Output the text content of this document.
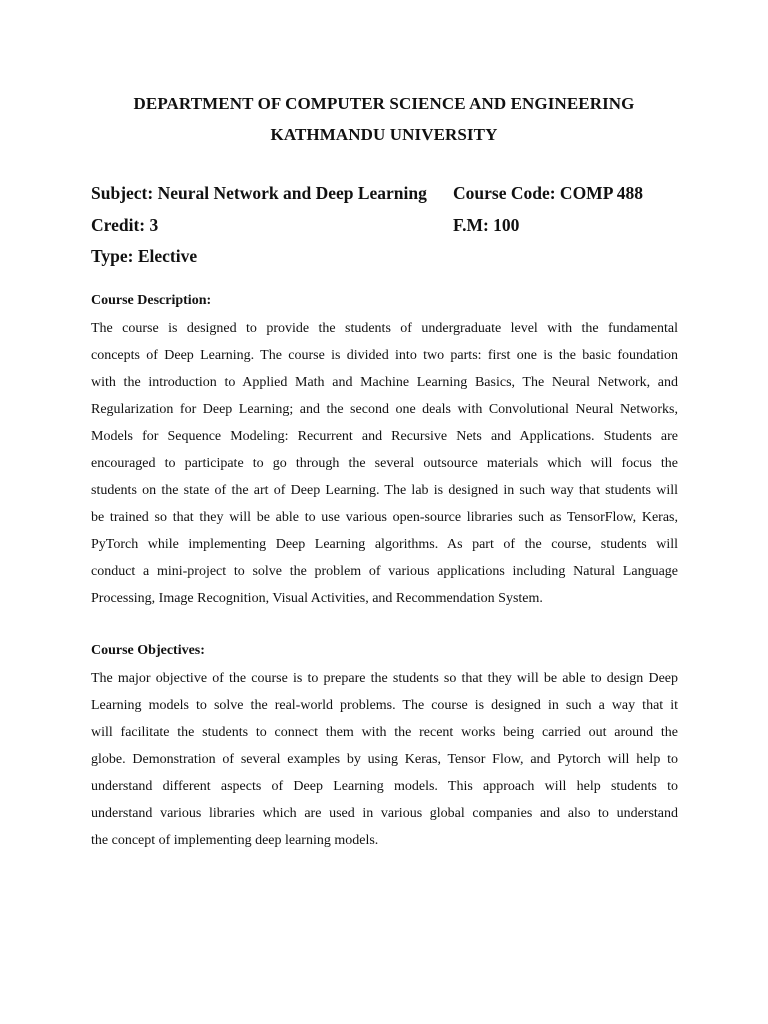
DEPARTMENT OF COMPUTER SCIENCE AND ENGINEERING
KATHMANDU UNIVERSITY
Subject: Neural Network and Deep Learning Course Code: COMP 488
Credit: 3	F.M: 100
Type: Elective
Course Description:
The course is designed to provide the students of undergraduate level with the fundamental
concepts of Deep Learning. The course is divided into two parts: first one is the basic foundation
with the introduction to Applied Math and Machine Learning Basics, The Neural Network, and
Regularization for Deep Learning; and the second one deals with Convolutional Neural Networks,
Models for Sequence Modeling: Recurrent and Recursive Nets and Applications. Students are
encouraged to participate to go through the several outsource materials which will focus the
students on the state of the art of Deep Learning. The lab is designed in such way that students will
be trained so that they will be able to use various open-source libraries such as TensorFlow, Keras,
PyTorch while implementing Deep Learning algorithms. As part of the course, students will
conduct a mini-project to solve the problem of various applications including Natural Language
Processing, Image Recognition, Visual Activities, and Recommendation System.
Course Objectives:
The major objective of the course is to prepare the students so that they will be able to design Deep
Learning models to solve the real-world problems. The course is designed in such a way that it
will facilitate the students to connect them with the recent works being carried out around the
globe. Demonstration of several examples by using Keras, Tensor Flow, and Pytorch will help to
understand different aspects of Deep Learning models. This approach will help students to
understand various libraries which are used in various global companies and also to understand
the concept of implementing deep learning models.
